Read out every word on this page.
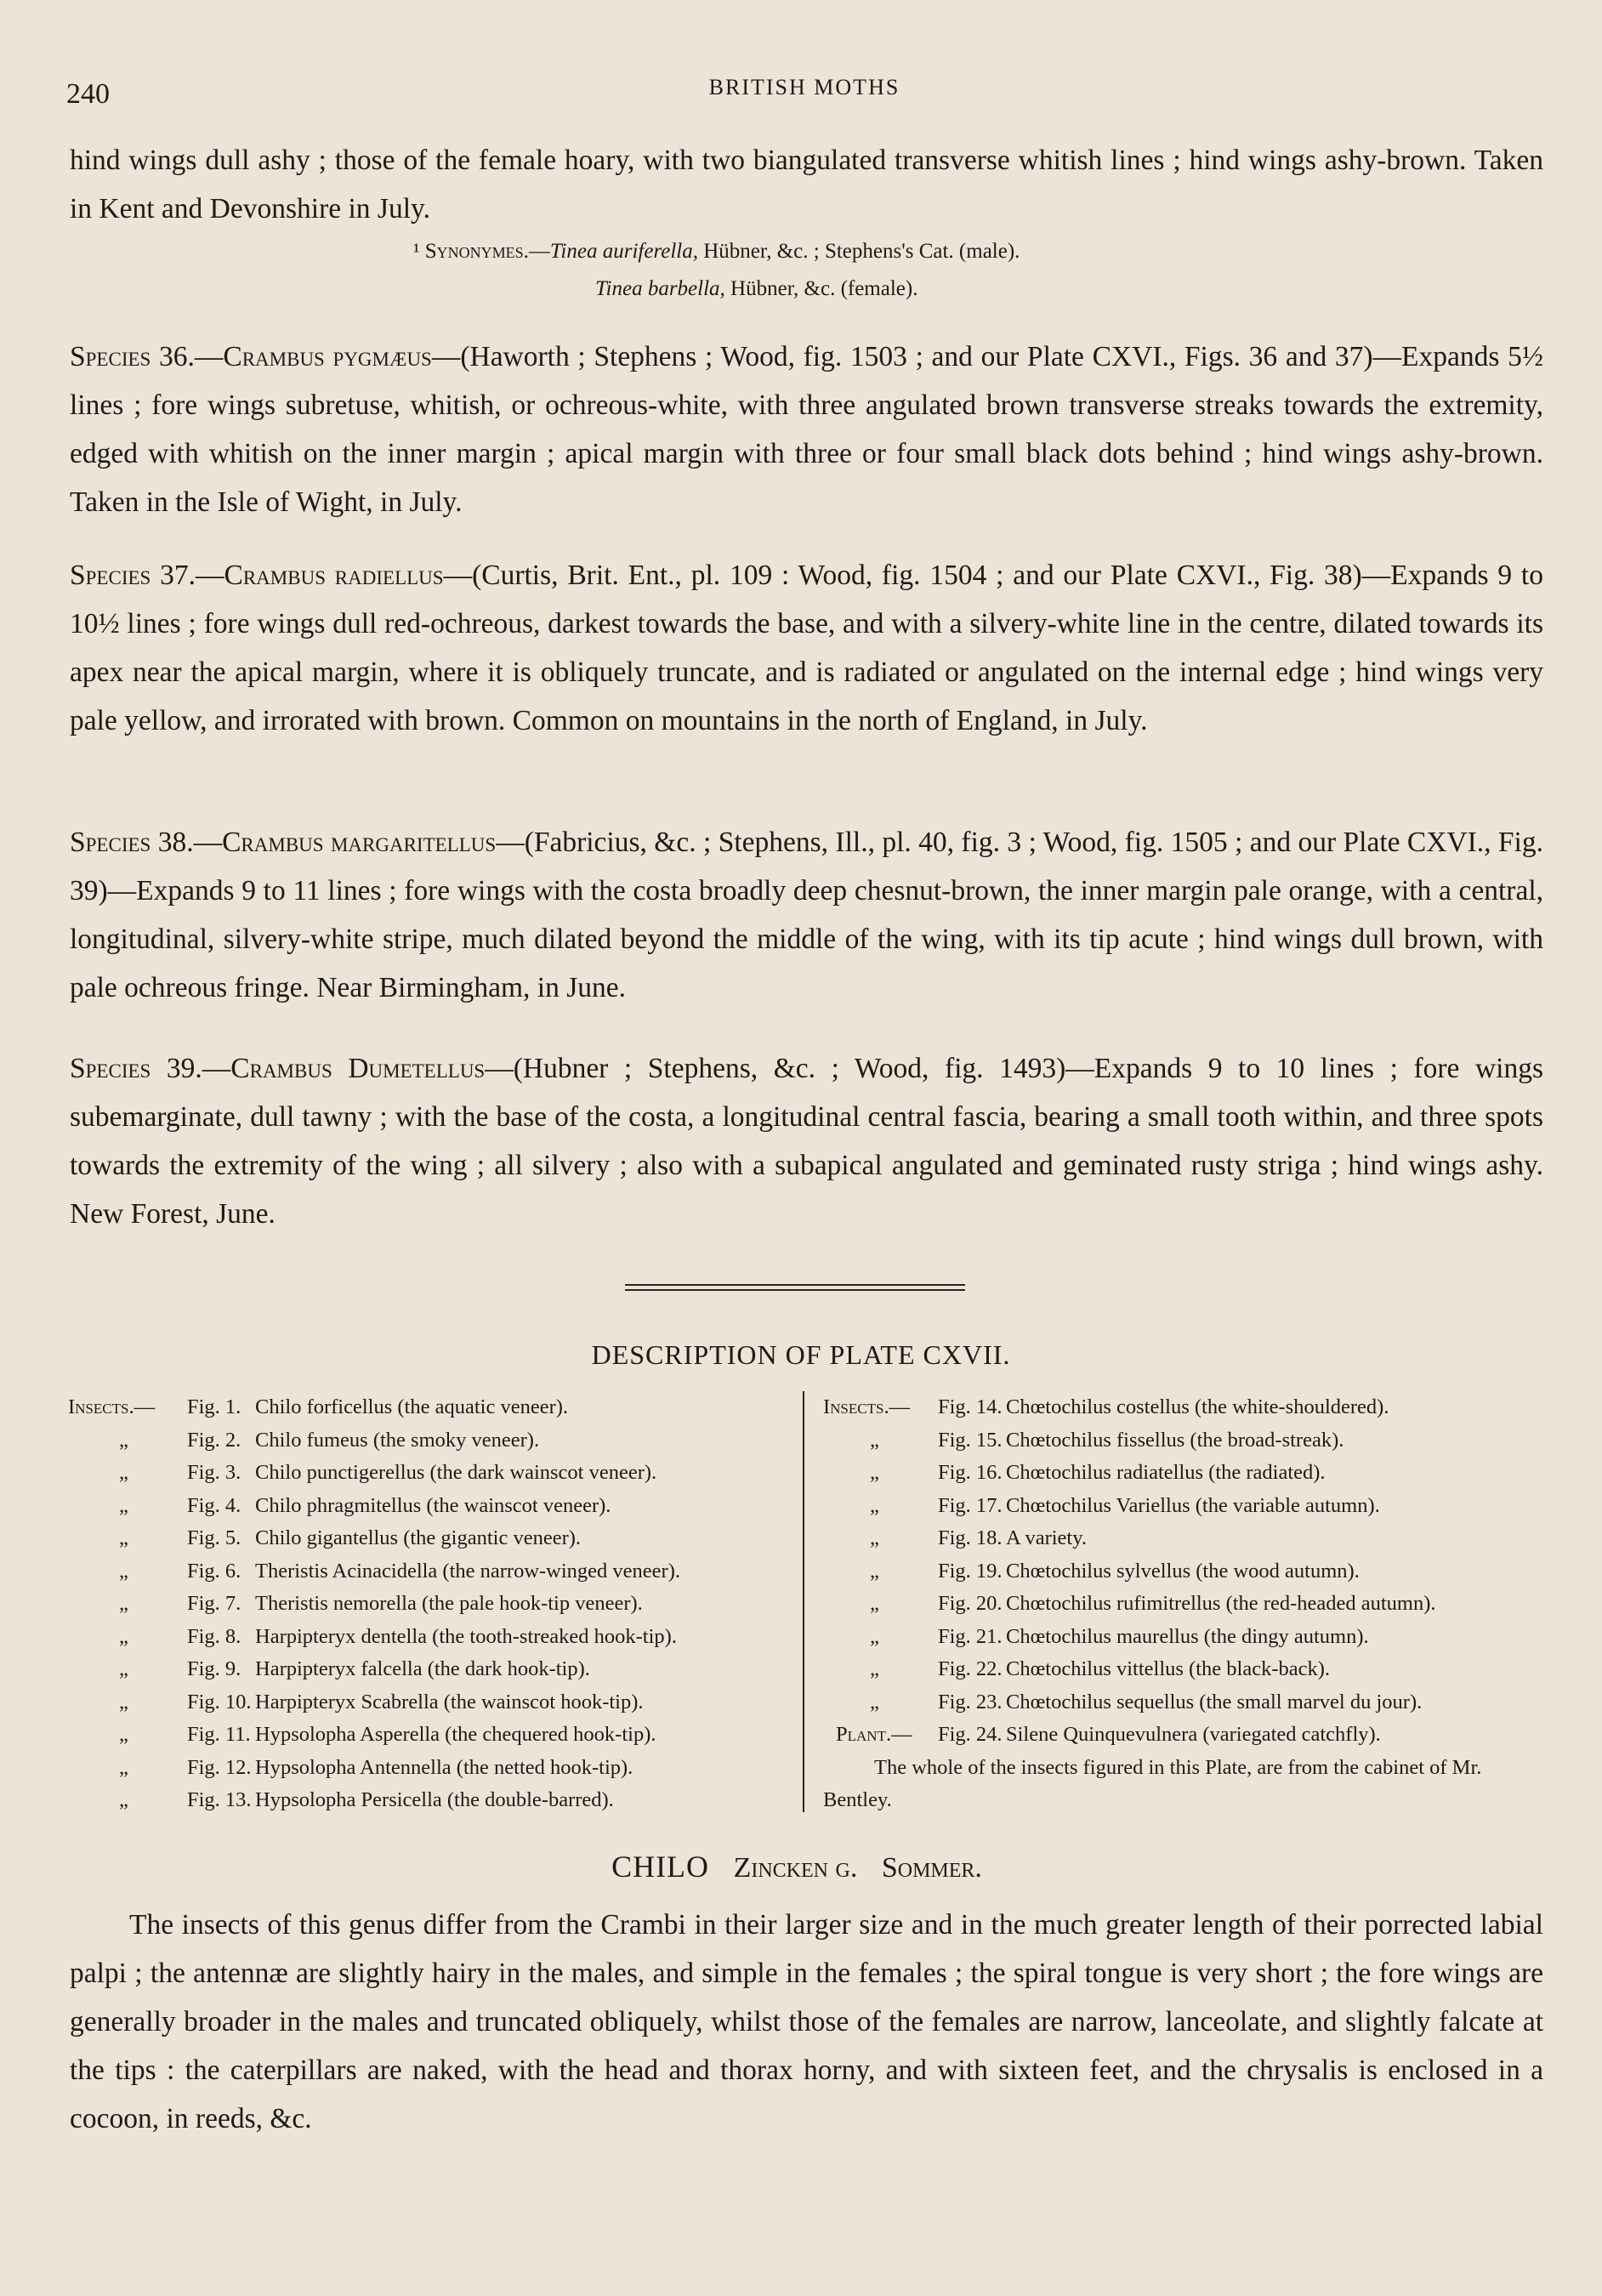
240	BRITISH MOTHS

hind wings dull ashy ; those of the female hoary, with two biangulated transverse whitish lines ; hind wings ashy-brown. Taken in Kent and Devonshire in July.

¹ Synonymes.—Tinea auriferella, Hübner, &c. ; Stephens's Cat. (male).
Tinea barbella, Hübner, &c. (female).

Species 36.—Crambus pygmæus—(Haworth ; Stephens ; Wood, fig. 1503 ; and our Plate CXVI., Figs. 36 and 37)—Expands 5½ lines ; fore wings subretuse, whitish, or ochreous-white, with three angulated brown transverse streaks towards the extremity, edged with whitish on the inner margin ; apical margin with three or four small black dots behind ; hind wings ashy-brown. Taken in the Isle of Wight, in July.

Species 37.—Crambus radiellus—(Curtis, Brit. Ent., pl. 109 : Wood, fig. 1504 ; and our Plate CXVI., Fig. 38)—Expands 9 to 10½ lines ; fore wings dull red-ochreous, darkest towards the base, and with a silvery-white line in the centre, dilated towards its apex near the apical margin, where it is obliquely truncate, and is radiated or angulated on the internal edge ; hind wings very pale yellow, and irrorated with brown. Common on mountains in the north of England, in July.

Species 38.—Crambus margaritellus—(Fabricius, &c. ; Stephens, Ill., pl. 40, fig. 3 ; Wood, fig. 1505 ; and our Plate CXVI., Fig. 39)—Expands 9 to 11 lines ; fore wings with the costa broadly deep chesnut-brown, the inner margin pale orange, with a central, longitudinal, silvery-white stripe, much dilated beyond the middle of the wing, with its tip acute ; hind wings dull brown, with pale ochreous fringe. Near Birmingham, in June.

Species 39.—Crambus Dumetellus—(Hubner ; Stephens, &c. ; Wood, fig. 1493)—Expands 9 to 10 lines ; fore wings subemarginate, dull tawny ; with the base of the costa, a longitudinal central fascia, bearing a small tooth within, and three spots towards the extremity of the wing ; all silvery ; also with a subapical angulated and geminated rusty striga ; hind wings ashy. New Forest, June.

DESCRIPTION OF PLATE CXVII.
Insects.— Fig. 1. Chilo forficellus (the aquatic veneer).
„	Fig. 2. Chilo fumeus (the smoky veneer).
„	Fig. 3. Chilo punctigerellus (the dark wainscot veneer).
„	Fig. 4. Chilo phragmitellus (the wainscot veneer).
„	Fig. 5. Chilo gigantellus (the gigantic veneer).
„	Fig. 6. Theristis Acinacidella (the narrow-winged veneer).
„	Fig. 7. Theristis nemorella (the pale hook-tip veneer).
„	Fig. 8. Harpipteryx dentella (the tooth-streaked hook-tip).
„	Fig. 9. Harpipteryx falcella (the dark hook-tip).
„	Fig. 10. Harpipteryx Scabrella (the wainscot hook-tip).
„	Fig. 11. Hypsolopha Asperella (the chequered hook-tip).
„	Fig. 12. Hypsolopha Antennella (the netted hook-tip).
„	Fig. 13. Hypsolopha Persicella (the double-barred).
Insects.— Fig. 14. Chœtochilus costellus (the white-shouldered).
„	Fig. 15. Chœtochilus fissellus (the broad-streak).
„	Fig. 16. Chœtochilus radiatellus (the radiated).
„	Fig. 17. Chœtochilus Variellus (the variable autumn).
„	Fig. 18. A variety.
„	Fig. 19. Chœtochilus sylvellus (the wood autumn).
„	Fig. 20. Chœtochilus rufimitrellus (the red-headed autumn).
„	Fig. 21. Chœtochilus maurellus (the dingy autumn).
„	Fig. 22. Chœtochilus vittellus (the black-back).
„	Fig. 23. Chœtochilus sequellus (the small marvel du jour).
Plant.— Fig. 24. Silene Quinquevulnera (variegated catchfly).
The whole of the insects figured in this Plate, are from the cabinet of Mr. Bentley.
CHILO Zincken g. Sommer.

The insects of this genus differ from the Crambi in their larger size and in the much greater length of their porrected labial palpi ; the antennæ are slightly hairy in the males, and simple in the females ; the spiral tongue is very short ; the fore wings are generally broader in the males and truncated obliquely, whilst those of the females are narrow, lanceolate, and slightly falcate at the tips : the caterpillars are naked, with the head and thorax horny, and with sixteen feet, and the chrysalis is enclosed in a cocoon, in reeds, &c.
